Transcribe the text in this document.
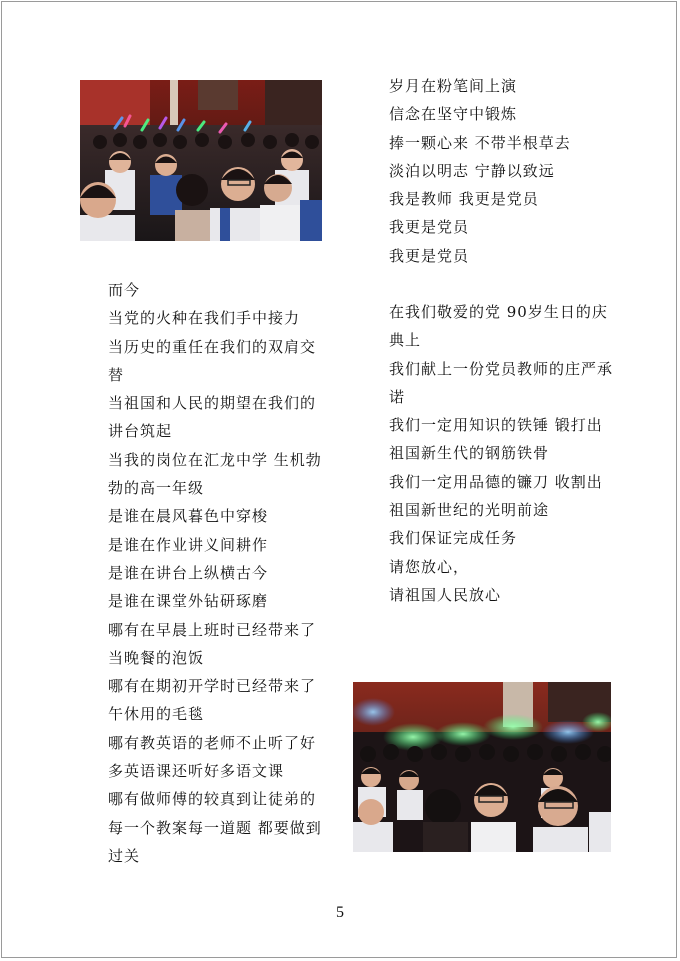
而今
当党的火种在我们手中接力
当历史的重任在我们的双肩交
替
当祖国和人民的期望在我们的
讲台筑起
当我的岗位在汇龙中学 生机勃
勃的高一年级
是谁在晨风暮色中穿梭
是谁在作业讲义间耕作
是谁在讲台上纵横古今
是谁在课堂外钻研琢磨
哪有在早晨上班时已经带来了
当晚餐的泡饭
哪有在期初开学时已经带来了
午休用的毛毯
哪有教英语的老师不止听了好
多英语课还听好多语文课
哪有做师傅的较真到让徒弟的
每一个教案每一道题 都要做到
过关
岁月在粉笔间上演
信念在坚守中锻炼
捧一颗心来 不带半根草去
淡泊以明志 宁静以致远
我是教师 我更是党员
我更是党员
我更是党员
在我们敬爱的党 90岁生日的庆
典上
我们献上一份党员教师的庄严承
诺
我们一定用知识的铁锤 锻打出
祖国新生代的钢筋铁骨
我们一定用品德的镰刀 收割出
祖国新世纪的光明前途
我们保证完成任务
请您放心，
请祖国人民放心
5
